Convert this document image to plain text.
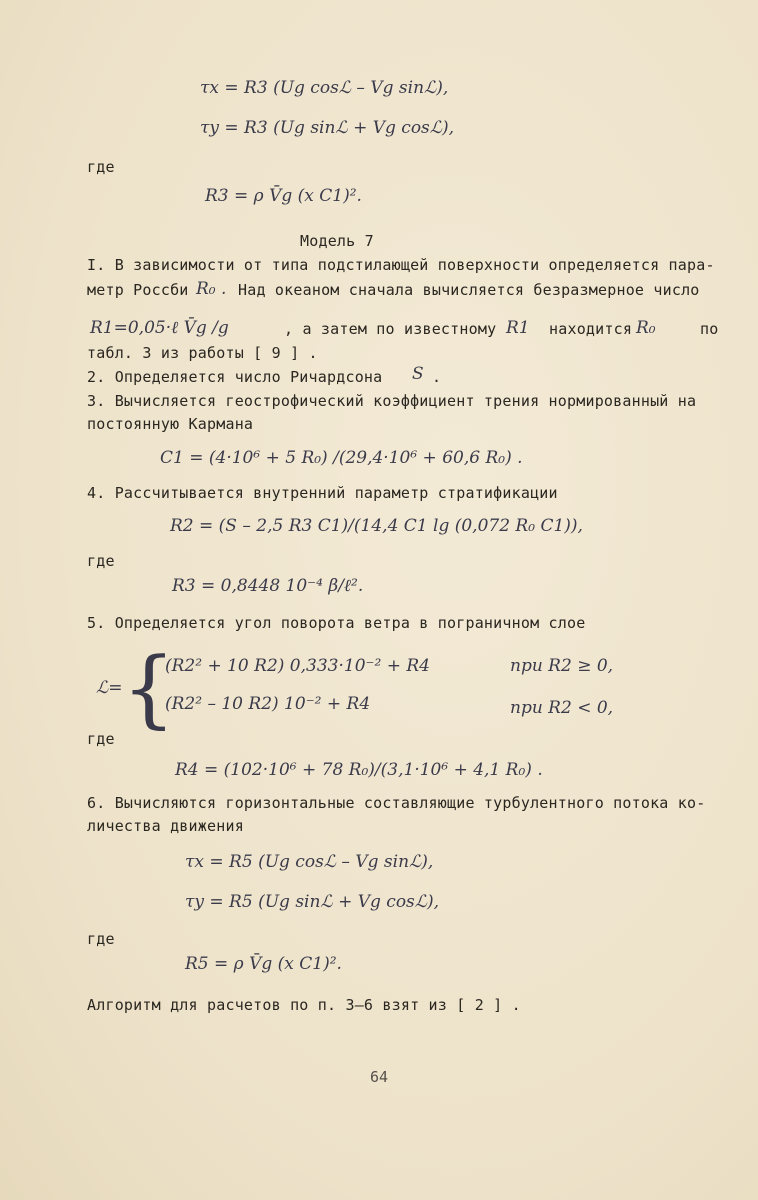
τx = R3 (Ug cosℒ – Vg sinℒ),
τy = R3 (Ug sinℒ + Vg cosℒ),
где
R3 = ρ V̄g (x C1)².
Модель 7
I. В зависимости от типа подстилающей поверхности определяется пара-
метр Россби R₀ . Над океаном сначала вычисляется безразмерное число
R1=0,05·ℓ V̄g /g	, а затем по известному R1 находится R₀	по
табл. 3 из работы [ 9 ] .
2. Определяется число Ричардсона S .
3. Вычисляется геострофический коэффициент трения нормированный на
постоянную Кармана
C1 = (4·10⁶ + 5 R₀) /(29,4·10⁶ + 60,6 R₀) .
4. Рассчитывается внутренний параметр стратификации
R2 = (S – 2,5 R3 C1)/(14,4 C1 lg (0,072 R₀ C1)),
где
R3 = 0,8448 10⁻⁴ β/ℓ².
5. Определяется угол поворота ветра в пограничном слое
ℒ= {
(R2² + 10 R2) 0,333·10⁻² + R4	при R2 ≥ 0,
(R2² – 10 R2) 10⁻² + R4	при R2 < 0,
где
R4 = (102·10⁶ + 78 R₀)/(3,1·10⁶ + 4,1 R₀) .
6. Вычисляются горизонтальные составляющие турбулентного потока ко-
личества движения
τx = R5 (Ug cosℒ – Vg sinℒ),
τy = R5 (Ug sinℒ + Vg cosℒ),
где
R5 = ρ V̄g (x C1)².
Алгоритм для расчетов по п. 3–6 взят из [ 2 ] .
64
